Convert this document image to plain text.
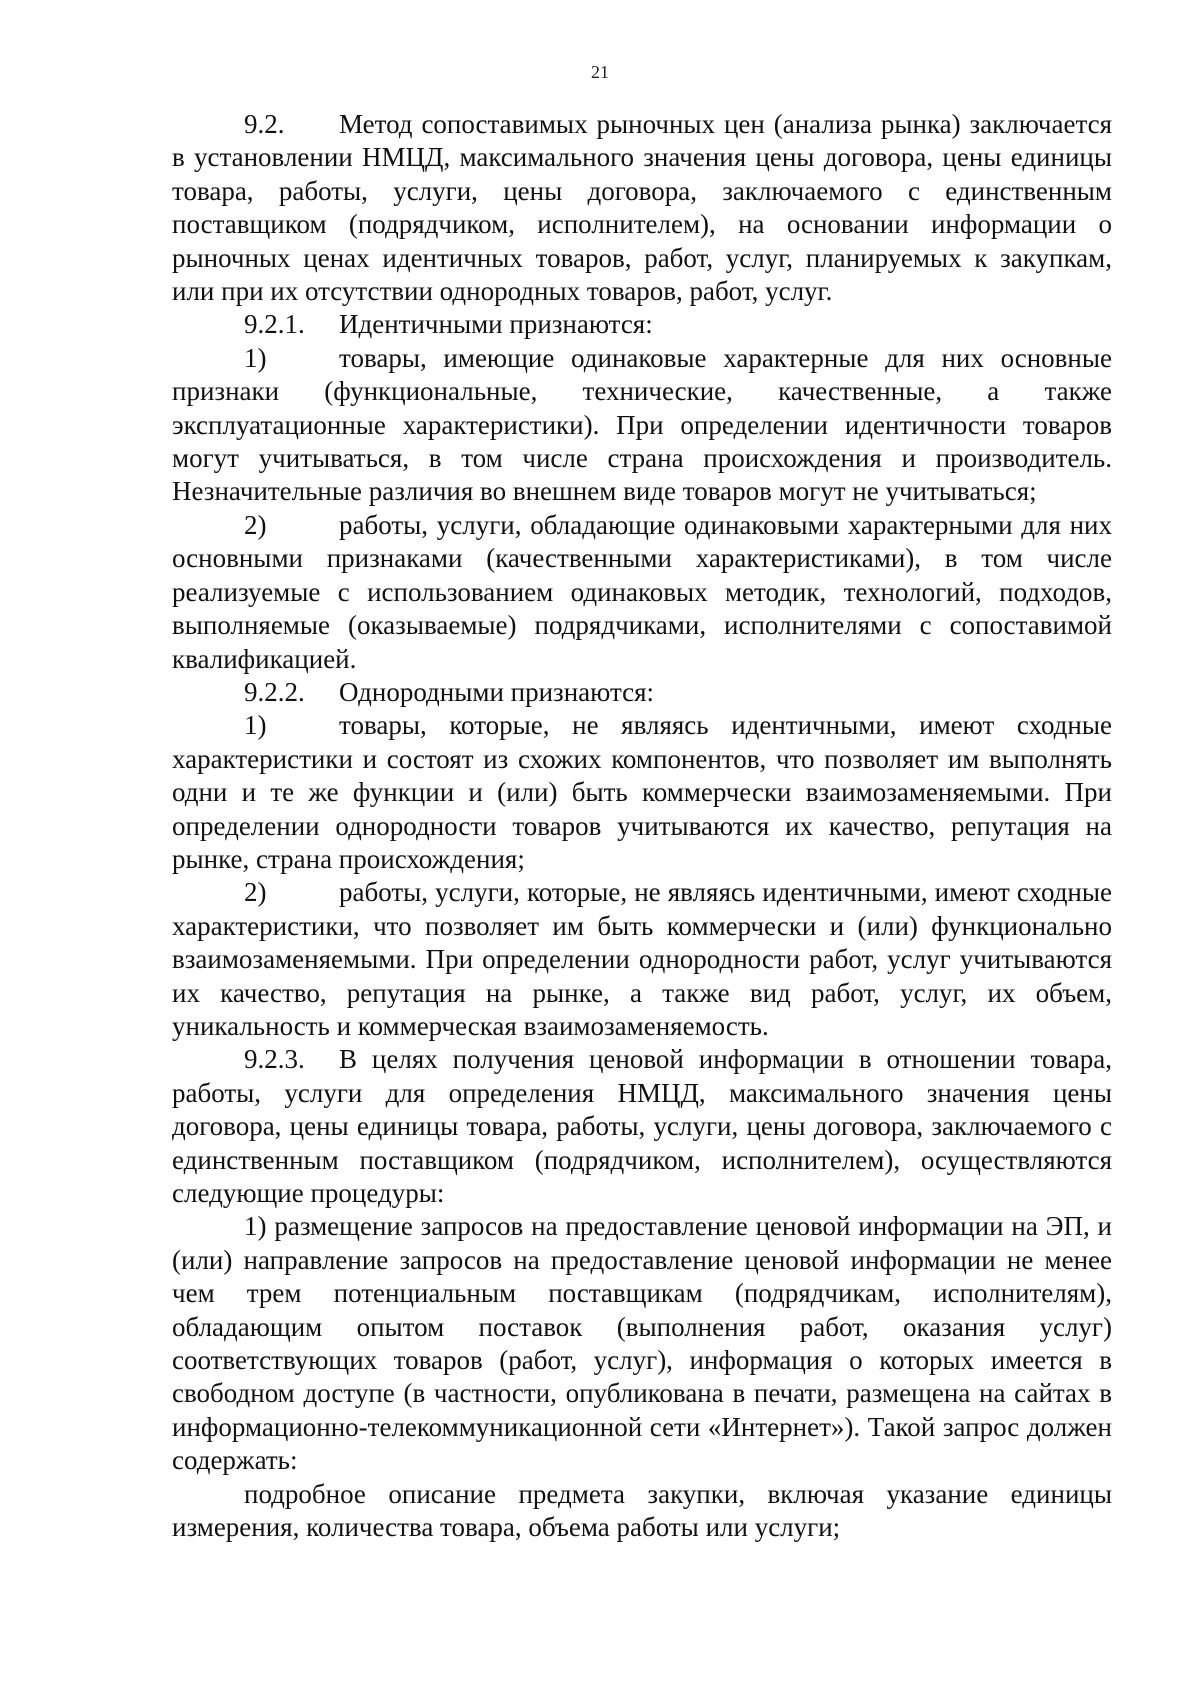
21

9.2. Метод сопоставимых рыночных цен (анализа рынка) заключается в установлении НМЦД, максимального значения цены договора, цены единицы товара, работы, услуги, цены договора, заключаемого с единственным поставщиком (подрядчиком, исполнителем), на основании информации о рыночных ценах идентичных товаров, работ, услуг, планируемых к закупкам, или при их отсутствии однородных товаров, работ, услуг.

9.2.1. Идентичными признаются:

1)	товары, имеющие одинаковые характерные для них основные признаки (функциональные, технические, качественные, а также эксплуатационные характеристики). При определении идентичности товаров могут учитываться, в том числе страна происхождения и производитель. Незначительные различия во внешнем виде товаров могут не учитываться;

2)	работы, услуги, обладающие одинаковыми характерными для них основными признаками (качественными характеристиками), в том числе реализуемые с использованием одинаковых методик, технологий, подходов, выполняемые (оказываемые) подрядчиками, исполнителями с сопоставимой квалификацией.

9.2.2. Однородными признаются:

1)	товары, которые, не являясь идентичными, имеют сходные характеристики и состоят из схожих компонентов, что позволяет им выполнять одни и те же функции и (или) быть коммерчески взаимозаменяемыми. При определении однородности товаров учитываются их качество, репутация на рынке, страна происхождения;

2)	работы, услуги, которые, не являясь идентичными, имеют сходные характеристики, что позволяет им быть коммерчески и (или) функционально взаимозаменяемыми. При определении однородности работ, услуг учитываются их качество, репутация на рынке, а также вид работ, услуг, их объем, уникальность и коммерческая взаимозаменяемость.

9.2.3. В целях получения ценовой информации в отношении товара, работы, услуги для определения НМЦД, максимального значения цены договора, цены единицы товара, работы, услуги, цены договора, заключаемого с единственным поставщиком (подрядчиком, исполнителем), осуществляются следующие процедуры:

1) размещение запросов на предоставление ценовой информации на ЭП, и (или) направление запросов на предоставление ценовой информации не менее чем трем потенциальным поставщикам (подрядчикам, исполнителям), обладающим опытом поставок (выполнения работ, оказания услуг) соответствующих товаров (работ, услуг), информация о которых имеется в свободном доступе (в частности, опубликована в печати, размещена на сайтах в информационно-телекоммуникационной сети «Интернет»). Такой запрос должен содержать:

подробное описание предмета закупки, включая указание единицы измерения, количества товара, объема работы или услуги;
